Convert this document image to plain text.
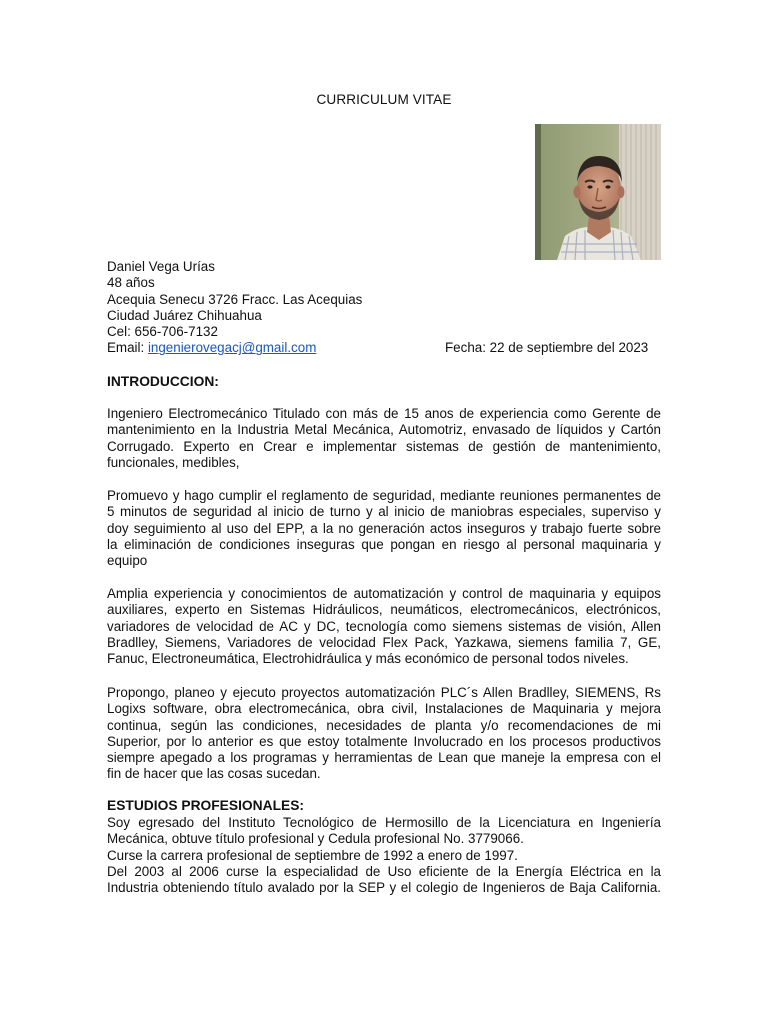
CURRICULUM VITAE
Daniel Vega Urías
48 años
Acequia Senecu 3726 Fracc. Las Acequias
Ciudad Juárez Chihuahua
Cel: 656-706-7132
Email: ingenierovegacj@gmail.com	Fecha: 22 de septiembre del 2023
INTRODUCCION:
Ingeniero Electromecánico Titulado con más de 15 anos de experiencia como Gerente de
mantenimiento en la Industria Metal Mecánica, Automotriz, envasado de líquidos y Cartón
Corrugado. Experto en Crear e implementar sistemas de gestión de mantenimiento,
funcionales, medibles,
Promuevo y hago cumplir el reglamento de seguridad, mediante reuniones permanentes de
5 minutos de seguridad al inicio de turno y al inicio de maniobras especiales, superviso y
doy seguimiento al uso del EPP, a la no generación actos inseguros y trabajo fuerte sobre
la eliminación de condiciones inseguras que pongan en riesgo al personal maquinaria y
equipo
Amplia experiencia y conocimientos de automatización y control de maquinaria y equipos
auxiliares, experto en Sistemas Hidráulicos, neumáticos, electromecánicos, electrónicos,
variadores de velocidad de AC y DC, tecnología como siemens sistemas de visión, Allen
Bradlley, Siemens, Variadores de velocidad Flex Pack, Yazkawa, siemens familia 7, GE,
Fanuc, Electroneumática, Electrohidráulica y más económico de personal todos niveles.
Propongo, planeo y ejecuto proyectos automatización PLC´s Allen Bradlley, SIEMENS, Rs
Logixs software, obra electromecánica, obra civil, Instalaciones de Maquinaria y mejora
continua, según las condiciones, necesidades de planta y/o recomendaciones de mi
Superior, por lo anterior es que estoy totalmente Involucrado en los procesos productivos
siempre apegado a los programas y herramientas de Lean que maneje la empresa con el
fin de hacer que las cosas sucedan.
ESTUDIOS PROFESIONALES:
Soy egresado del Instituto Tecnológico de Hermosillo de la Licenciatura en Ingeniería
Mecánica, obtuve título profesional y Cedula profesional No. 3779066.
Curse la carrera profesional de septiembre de 1992 a enero de 1997.
Del 2003 al 2006 curse la especialidad de Uso eficiente de la Energía Eléctrica en la
Industria obteniendo título avalado por la SEP y el colegio de Ingenieros de Baja California.
